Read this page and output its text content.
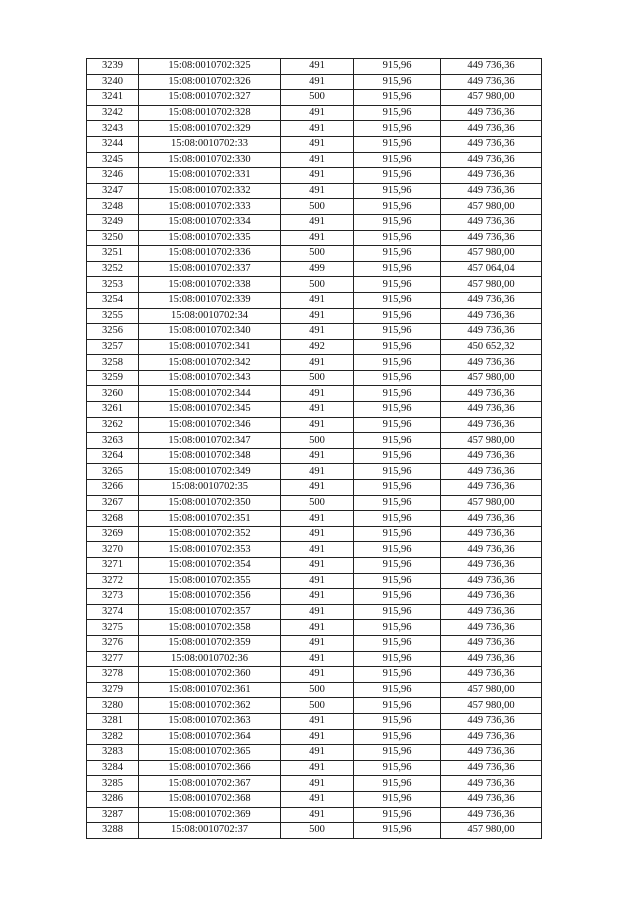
3239	15:08:0010702:325	491	915,96	449 736,36
3240	15:08:0010702:326	491	915,96	449 736,36
3241	15:08:0010702:327	500	915,96	457 980,00
3242	15:08:0010702:328	491	915,96	449 736,36
3243	15:08:0010702:329	491	915,96	449 736,36
3244	15:08:0010702:33	491	915,96	449 736,36
3245	15:08:0010702:330	491	915,96	449 736,36
3246	15:08:0010702:331	491	915,96	449 736,36
3247	15:08:0010702:332	491	915,96	449 736,36
3248	15:08:0010702:333	500	915,96	457 980,00
3249	15:08:0010702:334	491	915,96	449 736,36
3250	15:08:0010702:335	491	915,96	449 736,36
3251	15:08:0010702:336	500	915,96	457 980,00
3252	15:08:0010702:337	499	915,96	457 064,04
3253	15:08:0010702:338	500	915,96	457 980,00
3254	15:08:0010702:339	491	915,96	449 736,36
3255	15:08:0010702:34	491	915,96	449 736,36
3256	15:08:0010702:340	491	915,96	449 736,36
3257	15:08:0010702:341	492	915,96	450 652,32
3258	15:08:0010702:342	491	915,96	449 736,36
3259	15:08:0010702:343	500	915,96	457 980,00
3260	15:08:0010702:344	491	915,96	449 736,36
3261	15:08:0010702:345	491	915,96	449 736,36
3262	15:08:0010702:346	491	915,96	449 736,36
3263	15:08:0010702:347	500	915,96	457 980,00
3264	15:08:0010702:348	491	915,96	449 736,36
3265	15:08:0010702:349	491	915,96	449 736,36
3266	15:08:0010702:35	491	915,96	449 736,36
3267	15:08:0010702:350	500	915,96	457 980,00
3268	15:08:0010702:351	491	915,96	449 736,36
3269	15:08:0010702:352	491	915,96	449 736,36
3270	15:08:0010702:353	491	915,96	449 736,36
3271	15:08:0010702:354	491	915,96	449 736,36
3272	15:08:0010702:355	491	915,96	449 736,36
3273	15:08:0010702:356	491	915,96	449 736,36
3274	15:08:0010702:357	491	915,96	449 736,36
3275	15:08:0010702:358	491	915,96	449 736,36
3276	15:08:0010702:359	491	915,96	449 736,36
3277	15:08:0010702:36	491	915,96	449 736,36
3278	15:08:0010702:360	491	915,96	449 736,36
3279	15:08:0010702:361	500	915,96	457 980,00
3280	15:08:0010702:362	500	915,96	457 980,00
3281	15:08:0010702:363	491	915,96	449 736,36
3282	15:08:0010702:364	491	915,96	449 736,36
3283	15:08:0010702:365	491	915,96	449 736,36
3284	15:08:0010702:366	491	915,96	449 736,36
3285	15:08:0010702:367	491	915,96	449 736,36
3286	15:08:0010702:368	491	915,96	449 736,36
3287	15:08:0010702:369	491	915,96	449 736,36
3288	15:08:0010702:37	500	915,96	457 980,00
